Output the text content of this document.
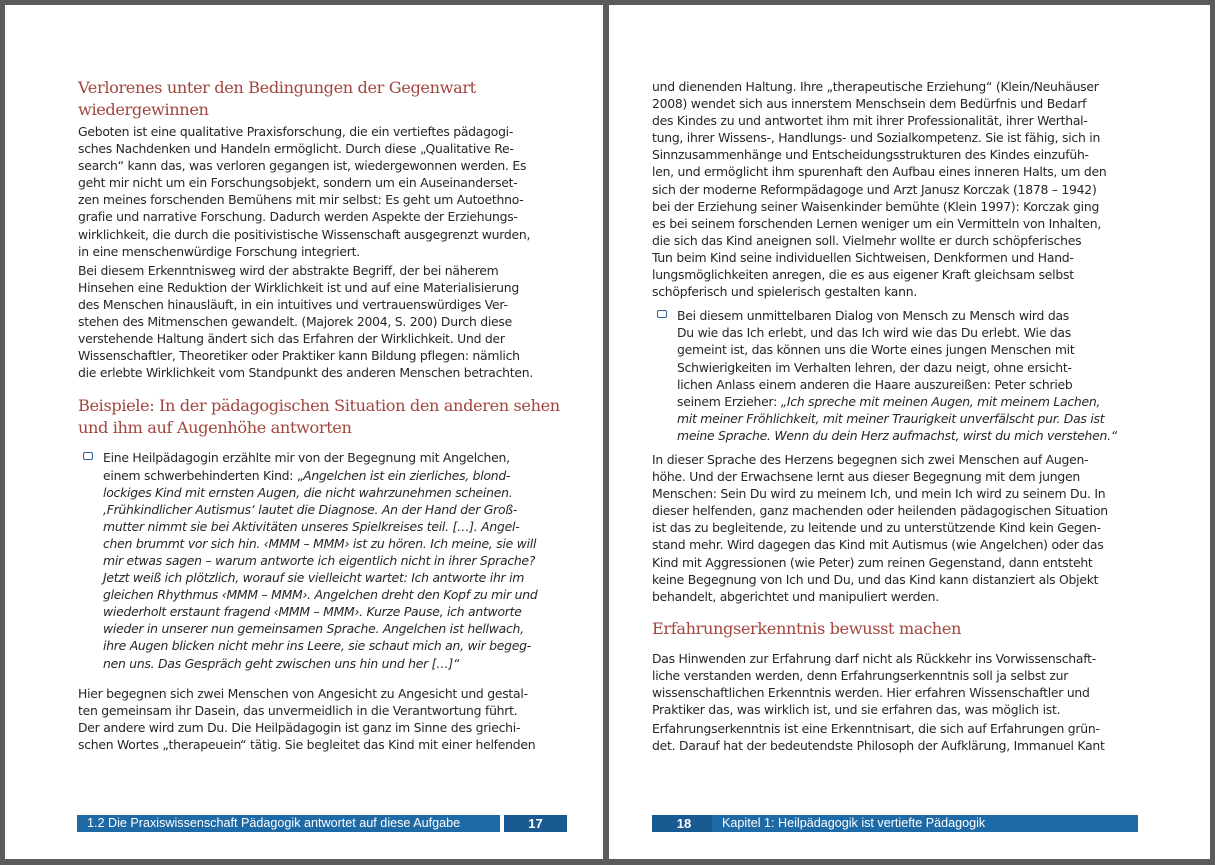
Verlorenes unter den Bedingungen der Gegenwart wiedergewinnen

Geboten ist eine qualitative Praxisforschung, die ein vertieftes pädagogi-
sches Nachdenken und Handeln ermöglicht. Durch diese „Qualitative Re-
search“ kann das, was verloren gegangen ist, wiedergewonnen werden. Es
geht mir nicht um ein Forschungsobjekt, sondern um ein Auseinanderset-
zen meines forschenden Bemühens mit mir selbst: Es geht um Autoethno-
grafie und narrative Forschung. Dadurch werden Aspekte der Erziehungs-
wirklichkeit, die durch die positivistische Wissenschaft ausgegrenzt wurden,
in eine menschenwürdige Forschung integriert.

Bei diesem Erkenntnisweg wird der abstrakte Begriff, der bei näherem
Hinsehen eine Reduktion der Wirklichkeit ist und auf eine Materialisierung
des Menschen hinausläuft, in ein intuitives und vertrauenswürdiges Ver-
stehen des Mitmenschen gewandelt. (Majorek 2004, S. 200) Durch diese
verstehende Haltung ändert sich das Erfahren der Wirklichkeit. Und der
Wissenschaftler, Theoretiker oder Praktiker kann Bildung pflegen: nämlich
die erlebte Wirklichkeit vom Standpunkt des anderen Menschen betrachten.

Beispiele: In der pädagogischen Situation den anderen sehen und ihm auf Augenhöhe antworten
Eine Heilpädagogin erzählte mir von der Begegnung mit Angelchen,
einem schwerbehinderten Kind: „Angelchen ist ein zierliches, blond-
lockiges Kind mit ernsten Augen, die nicht wahrzunehmen scheinen.
‚Frühkindlicher Autismus‘ lautet die Diagnose. An der Hand der Groß-
mutter nimmt sie bei Aktivitäten unseres Spielkreises teil. […]. Angel-
chen brummt vor sich hin. ‹MMM – MMM› ist zu hören. Ich meine, sie will
mir etwas sagen – warum antworte ich eigentlich nicht in ihrer Sprache?
Jetzt weiß ich plötzlich, worauf sie vielleicht wartet: Ich antworte ihr im
gleichen Rhythmus ‹MMM – MMM›. Angelchen dreht den Kopf zu mir und
wiederholt erstaunt fragend ‹MMM – MMM›. Kurze Pause, ich antworte
wieder in unserer nun gemeinsamen Sprache. Angelchen ist hellwach,
ihre Augen blicken nicht mehr ins Leere, sie schaut mich an, wir begeg-
nen uns. Das Gespräch geht zwischen uns hin und her […]“

Hier begegnen sich zwei Menschen von Angesicht zu Angesicht und gestal-
ten gemeinsam ihr Dasein, das unvermeidlich in die Verantwortung führt.
Der andere wird zum Du. Die Heilpädagogin ist ganz im Sinne des griechi-
schen Wortes „therapeuein“ tätig. Sie begleitet das Kind mit einer helfenden

1.2 Die Praxiswissenschaft Pädagogik antwortet auf diese Aufgabe	17

und dienenden Haltung. Ihre „therapeutische Erziehung“ (Klein/Neuhäuser
2008) wendet sich aus innerstem Menschsein dem Bedürfnis und Bedarf
des Kindes zu und antwortet ihm mit ihrer Professionalität, ihrer Werthal-
tung, ihrer Wissens-, Handlungs- und Sozialkompetenz. Sie ist fähig, sich in
Sinnzusammenhänge und Entscheidungsstrukturen des Kindes einzufüh-
len, und ermöglicht ihm spurenhaft den Aufbau eines inneren Halts, um den
sich der moderne Reformpädagoge und Arzt Janusz Korczak (1878 – 1942)
bei der Erziehung seiner Waisenkinder bemühte (Klein 1997): Korczak ging
es bei seinem forschenden Lernen weniger um ein Vermitteln von Inhalten,
die sich das Kind aneignen soll. Vielmehr wollte er durch schöpferisches
Tun beim Kind seine individuellen Sichtweisen, Denkformen und Hand-
lungsmöglichkeiten anregen, die es aus eigener Kraft gleichsam selbst
schöpferisch und spielerisch gestalten kann.

Bei diesem unmittelbaren Dialog von Mensch zu Mensch wird das
Du wie das Ich erlebt, und das Ich wird wie das Du erlebt. Wie das
gemeint ist, das können uns die Worte eines jungen Menschen mit
Schwierigkeiten im Verhalten lehren, der dazu neigt, ohne ersicht-
lichen Anlass einem anderen die Haare auszureißen: Peter schrieb
seinem Erzieher: „Ich spreche mit meinen Augen, mit meinem Lachen,
mit meiner Fröhlichkeit, mit meiner Traurigkeit unverfälscht pur. Das ist
meine Sprache. Wenn du dein Herz aufmachst, wirst du mich verstehen.“

In dieser Sprache des Herzens begegnen sich zwei Menschen auf Augen-
höhe. Und der Erwachsene lernt aus dieser Begegnung mit dem jungen
Menschen: Sein Du wird zu meinem Ich, und mein Ich wird zu seinem Du. In
dieser helfenden, ganz machenden oder heilenden pädagogischen Situation
ist das zu begleitende, zu leitende und zu unterstützende Kind kein Gegen-
stand mehr. Wird dagegen das Kind mit Autismus (wie Angelchen) oder das
Kind mit Aggressionen (wie Peter) zum reinen Gegenstand, dann entsteht
keine Begegnung von Ich und Du, und das Kind kann distanziert als Objekt
behandelt, abgerichtet und manipuliert werden.

Erfahrungserkenntnis bewusst machen

Das Hinwenden zur Erfahrung darf nicht als Rückkehr ins Vorwissenschaft-
liche verstanden werden, denn Erfahrungserkenntnis soll ja selbst zur
wissenschaftlichen Erkenntnis werden. Hier erfahren Wissenschaftler und
Praktiker das, was wirklich ist, und sie erfahren das, was möglich ist.

Erfahrungserkenntnis ist eine Erkenntnisart, die sich auf Erfahrungen grün-
det. Darauf hat der bedeutendste Philosoph der Aufklärung, Immanuel Kant

18	Kapitel 1: Heilpädagogik ist vertiefte Pädagogik
